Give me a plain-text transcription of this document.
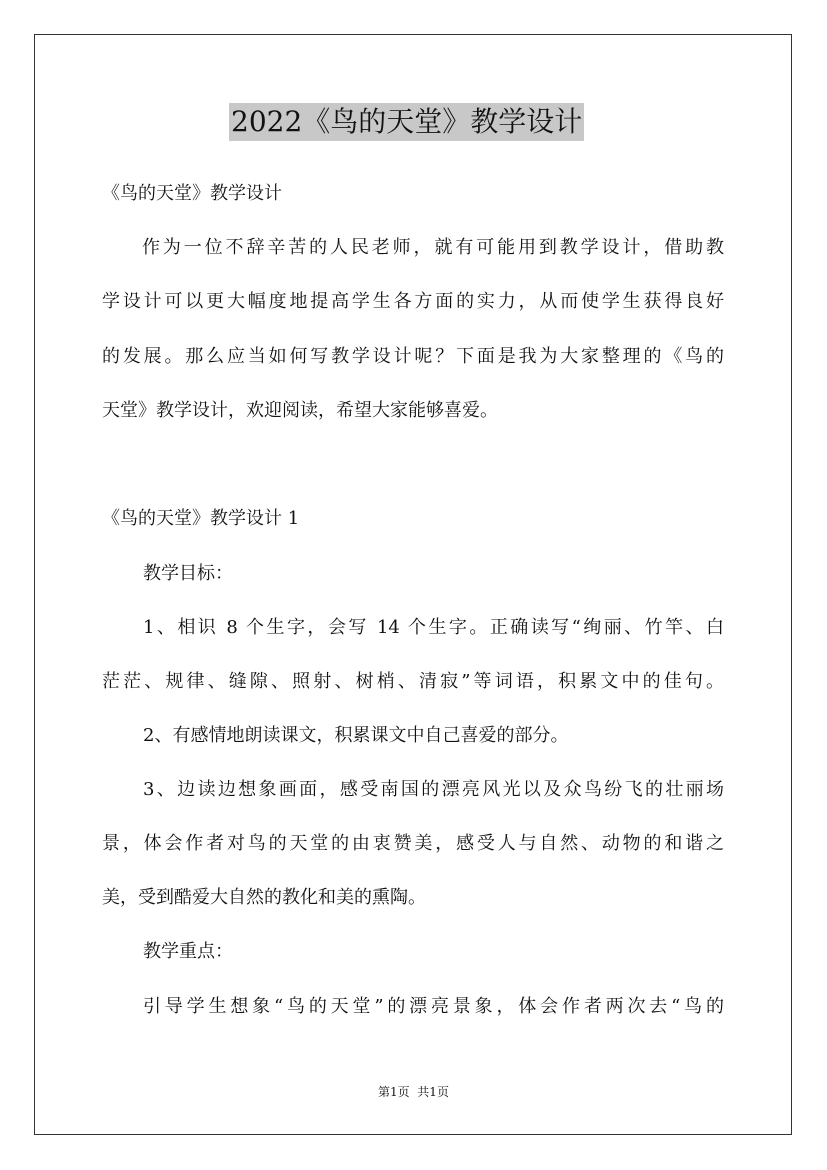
2022《鸟的天堂》教学设计
《鸟的天堂》教学设计
作为一位不辞辛苦的人民老师，就有可能用到教学设计，借助教
学设计可以更大幅度地提高学生各方面的实力，从而使学生获得良好
的发展。那么应当如何写教学设计呢？下面是我为大家整理的《鸟的
天堂》教学设计，欢迎阅读，希望大家能够喜爱。
《鸟的天堂》教学设计 1
教学目标：
1、相识 8 个生字，会写 14 个生字。正确读写“绚丽、竹竿、白
茫茫、规律、缝隙、照射、树梢、清寂”等词语，积累文中的佳句。
2、有感情地朗读课文，积累课文中自己喜爱的部分。
3、边读边想象画面，感受南国的漂亮风光以及众鸟纷飞的壮丽场
景，体会作者对鸟的天堂的由衷赞美，感受人与自然、动物的和谐之
美，受到酷爱大自然的教化和美的熏陶。
教学重点：
引导学生想象“鸟的天堂”的漂亮景象，体会作者两次去“鸟的
第1页  共1页
